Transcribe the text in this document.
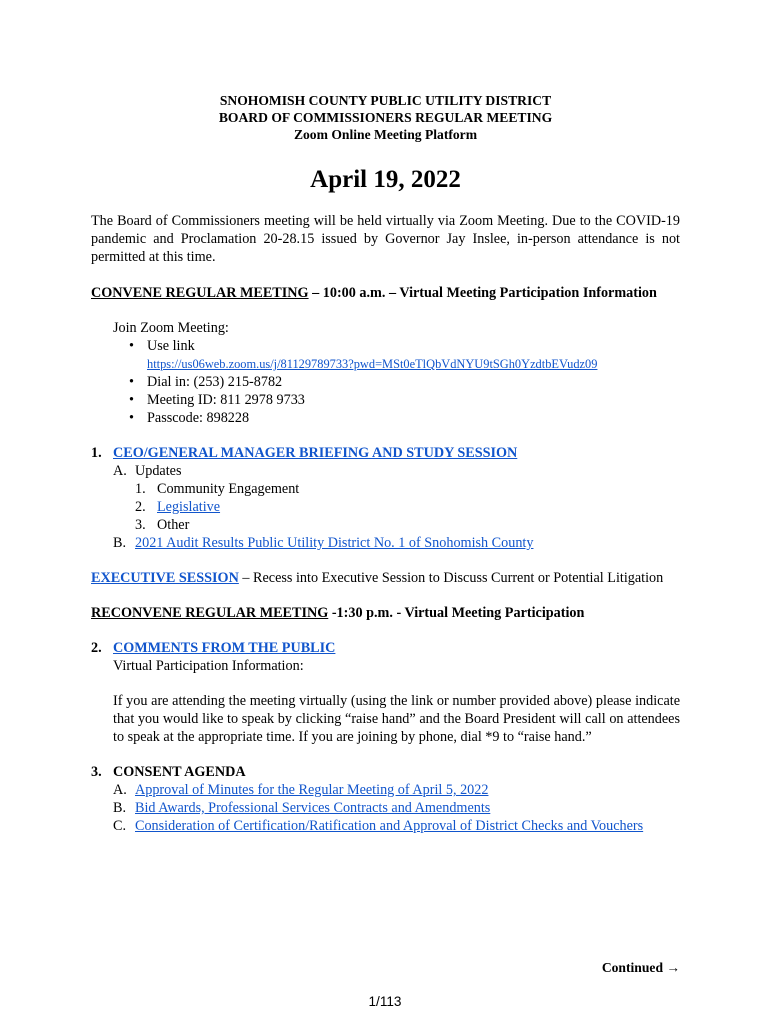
SNOHOMISH COUNTY PUBLIC UTILITY DISTRICT
BOARD OF COMMISSIONERS REGULAR MEETING
Zoom Online Meeting Platform
April 19, 2022
The Board of Commissioners meeting will be held virtually via Zoom Meeting. Due to the COVID-19 pandemic and Proclamation 20-28.15 issued by Governor Jay Inslee, in-person attendance is not permitted at this time.
CONVENE REGULAR MEETING – 10:00 a.m. – Virtual Meeting Participation Information
Join Zoom Meeting:
• Use link
https://us06web.zoom.us/j/81129789733?pwd=MSt0eTlQbVdNYU9tSGh0YzdtbEVudz09
• Dial in: (253) 215-8782
• Meeting ID: 811 2978 9733
• Passcode: 898228
1. CEO/GENERAL MANAGER BRIEFING AND STUDY SESSION
A. Updates
1. Community Engagement
2. Legislative
3. Other
B. 2021 Audit Results Public Utility District No. 1 of Snohomish County
EXECUTIVE SESSION – Recess into Executive Session to Discuss Current or Potential Litigation
RECONVENE REGULAR MEETING -1:30 p.m. - Virtual Meeting Participation
2. COMMENTS FROM THE PUBLIC
Virtual Participation Information:
If you are attending the meeting virtually (using the link or number provided above) please indicate that you would like to speak by clicking “raise hand” and the Board President will call on attendees to speak at the appropriate time. If you are joining by phone, dial *9 to “raise hand.”
3. CONSENT AGENDA
A. Approval of Minutes for the Regular Meeting of April 5, 2022
B. Bid Awards, Professional Services Contracts and Amendments
C. Consideration of Certification/Ratification and Approval of District Checks and Vouchers
Continued →
1/113
